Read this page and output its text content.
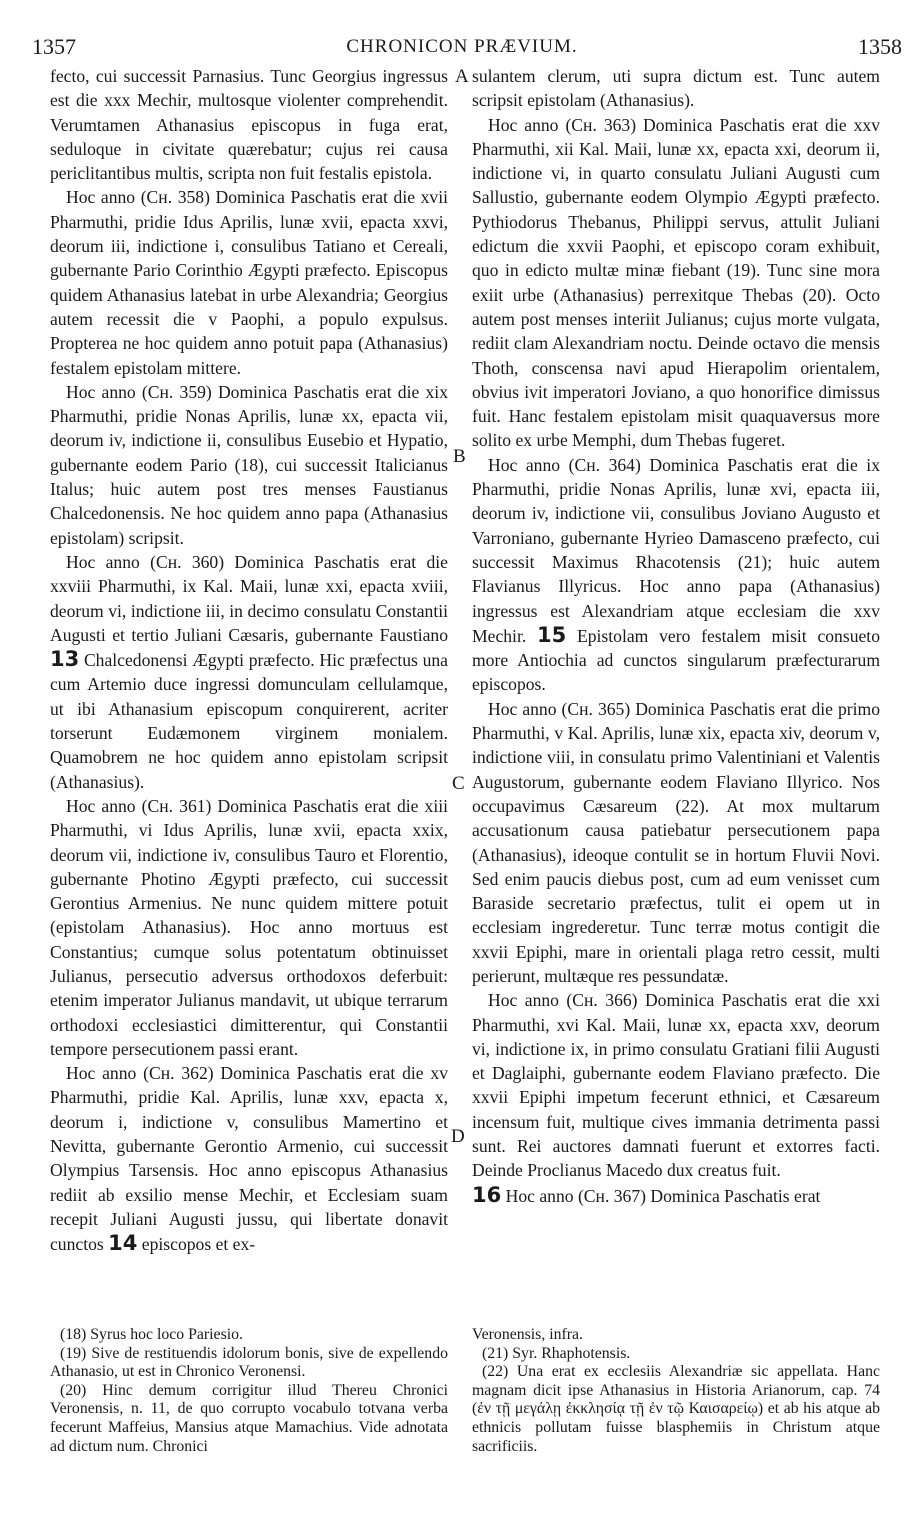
1357	CHRONICON PRÆVIUM.	1358
A
B
C
D

fecto, cui successit Parnasius. Tunc Georgius ingressus est die xxx Mechir, multosque violenter comprehendit. Verumtamen Athanasius episcopus in fuga erat, seduloque in civitate quærebatur; cujus rei causa periclitantibus multis, scripta non fuit festalis epistola.

Hoc anno (Cн. 358) Dominica Paschatis erat die xvii Pharmuthi, pridie Idus Aprilis, lunæ xvii, epacta xxvi, deorum iii, indictione i, consulibus Tatiano et Cereali, gubernante Pario Corinthio Ægypti præfecto. Episcopus quidem Athanasius latebat in urbe Alexandria; Georgius autem recessit die v Paophi, a populo expulsus. Propterea ne hoc quidem anno potuit papa (Athanasius) festalem epistolam mittere.

Hoc anno (Cн. 359) Dominica Paschatis erat die xix Pharmuthi, pridie Nonas Aprilis, lunæ xx, epacta vii, deorum iv, indictione ii, consulibus Eusebio et Hypatio, gubernante eodem Pario (18), cui successit Italicianus Italus; huic autem post tres menses Faustianus Chalcedonensis. Ne hoc quidem anno papa (Athanasius epistolam) scripsit.

Hoc anno (Cн. 360) Dominica Paschatis erat die xxviii Pharmuthi, ix Kal. Maii, lunæ xxi, epacta xviii, deorum vi, indictione iii, in decimo consulatu Constantii Augusti et tertio Juliani Cæsaris, gubernante Faustiano 13 Chalcedonensi Ægypti præfecto. Hic præfectus una cum Artemio duce ingressi domunculam cellulamque, ut ibi Athanasium episcopum conquirerent, acriter torserunt Eudæmonem virginem monialem. Quamobrem ne hoc quidem anno epistolam scripsit (Athanasius).

Hoc anno (Cн. 361) Dominica Paschatis erat die xiii Pharmuthi, vi Idus Aprilis, lunæ xvii, epacta xxix, deorum vii, indictione iv, consulibus Tauro et Florentio, gubernante Photino Ægypti præfecto, cui successit Gerontius Armenius. Ne nunc quidem mittere potuit (epistolam Athanasius). Hoc anno mortuus est Constantius; cumque solus potentatum obtinuisset Julianus, persecutio adversus orthodoxos deferbuit: etenim imperator Julianus mandavit, ut ubique terrarum orthodoxi ecclesiastici dimitterentur, qui Constantii tempore persecutionem passi erant.

Hoc anno (Cн. 362) Dominica Paschatis erat die xv Pharmuthi, pridie Kal. Aprilis, lunæ xxv, epacta x, deorum i, indictione v, consulibus Mamertino et Nevitta, gubernante Gerontio Armenio, cui successit Olympius Tarsensis. Hoc anno episcopus Athanasius rediit ab exsilio mense Mechir, et Ecclesiam suam recepit Juliani Augusti jussu, qui libertate donavit cunctos 14 episcopos et ex-

sulantem clerum, uti supra dictum est. Tunc autem scripsit epistolam (Athanasius).

Hoc anno (Cн. 363) Dominica Paschatis erat die xxv Pharmuthi, xii Kal. Maii, lunæ xx, epacta xxi, deorum ii, indictione vi, in quarto consulatu Juliani Augusti cum Sallustio, gubernante eodem Olympio Ægypti præfecto. Pythiodorus Thebanus, Philippi servus, attulit Juliani edictum die xxvii Paophi, et episcopo coram exhibuit, quo in edicto multæ minæ fiebant (19). Tunc sine mora exiit urbe (Athanasius) perrexitque Thebas (20). Octo autem post menses interiit Julianus; cujus morte vulgata, rediit clam Alexandriam noctu. Deinde octavo die mensis Thoth, conscensa navi apud Hierapolim orientalem, obvius ivit imperatori Joviano, a quo honorifice dimissus fuit. Hanc festalem epistolam misit quaquaversus more solito ex urbe Memphi, dum Thebas fugeret.

Hoc anno (Cн. 364) Dominica Paschatis erat die ix Pharmuthi, pridie Nonas Aprilis, lunæ xvi, epacta iii, deorum iv, indictione vii, consulibus Joviano Augusto et Varroniano, gubernante Hyrieo Damasceno præfecto, cui successit Maximus Rhacotensis (21); huic autem Flavianus Illyricus. Hoc anno papa (Athanasius) ingressus est Alexandriam atque ecclesiam die xxv Mechir. 15 Epistolam vero festalem misit consueto more Antiochia ad cunctos singularum præfecturarum episcopos.

Hoc anno (Cн. 365) Dominica Paschatis erat die primo Pharmuthi, v Kal. Aprilis, lunæ xix, epacta xiv, deorum v, indictione viii, in consulatu primo Valentiniani et Valentis Augustorum, gubernante eodem Flaviano Illyrico. Nos occupavimus Cæsareum (22). At mox multarum accusationum causa patiebatur persecutionem papa (Athanasius), ideoque contulit se in hortum Fluvii Novi. Sed enim paucis diebus post, cum ad eum venisset cum Baraside secretario præfectus, tulit ei opem ut in ecclesiam ingrederetur. Tunc terræ motus contigit die xxvii Epiphi, mare in orientali plaga retro cessit, multi perierunt, multæque res pessundatæ.

Hoc anno (Cн. 366) Dominica Paschatis erat die xxi Pharmuthi, xvi Kal. Maii, lunæ xx, epacta xxv, deorum vi, indictione ix, in primo consulatu Gratiani filii Augusti et Daglaiphi, gubernante eodem Flaviano præfecto. Die xxvii Epiphi impetum fecerunt ethnici, et Cæsareum incensum fuit, multique cives immania detrimenta passi sunt. Rei auctores damnati fuerunt et extorres facti. Deinde Proclianus Macedo dux creatus fuit.

16 Hoc anno (Cн. 367) Dominica Paschatis erat

(18) Syrus hoc loco Pariesio.

(19) Sive de restituendis idolorum bonis, sive de expellendo Athanasio, ut est in Chronico Veronensi.

(20) Hinc demum corrigitur illud Thereu Chronici Veronensis, n. 11, de quo corrupto vocabulo totvana verba fecerunt Maffeius, Mansius atque Mamachius. Vide adnotata ad dictum num. Chronici

Veronensis, infra.

(21) Syr. Rhaphotensis.

(22) Una erat ex ecclesiis Alexandriæ sic appellata. Hanc magnam dicit ipse Athanasius in Historia Arianorum, cap. 74 (ἐν τῇ μεγάλῃ ἐκκλησίᾳ τῇ ἐν τῷ Καισαρείῳ) et ab his atque ab ethnicis pollutam fuisse blasphemiis in Christum atque sacrificiis.
